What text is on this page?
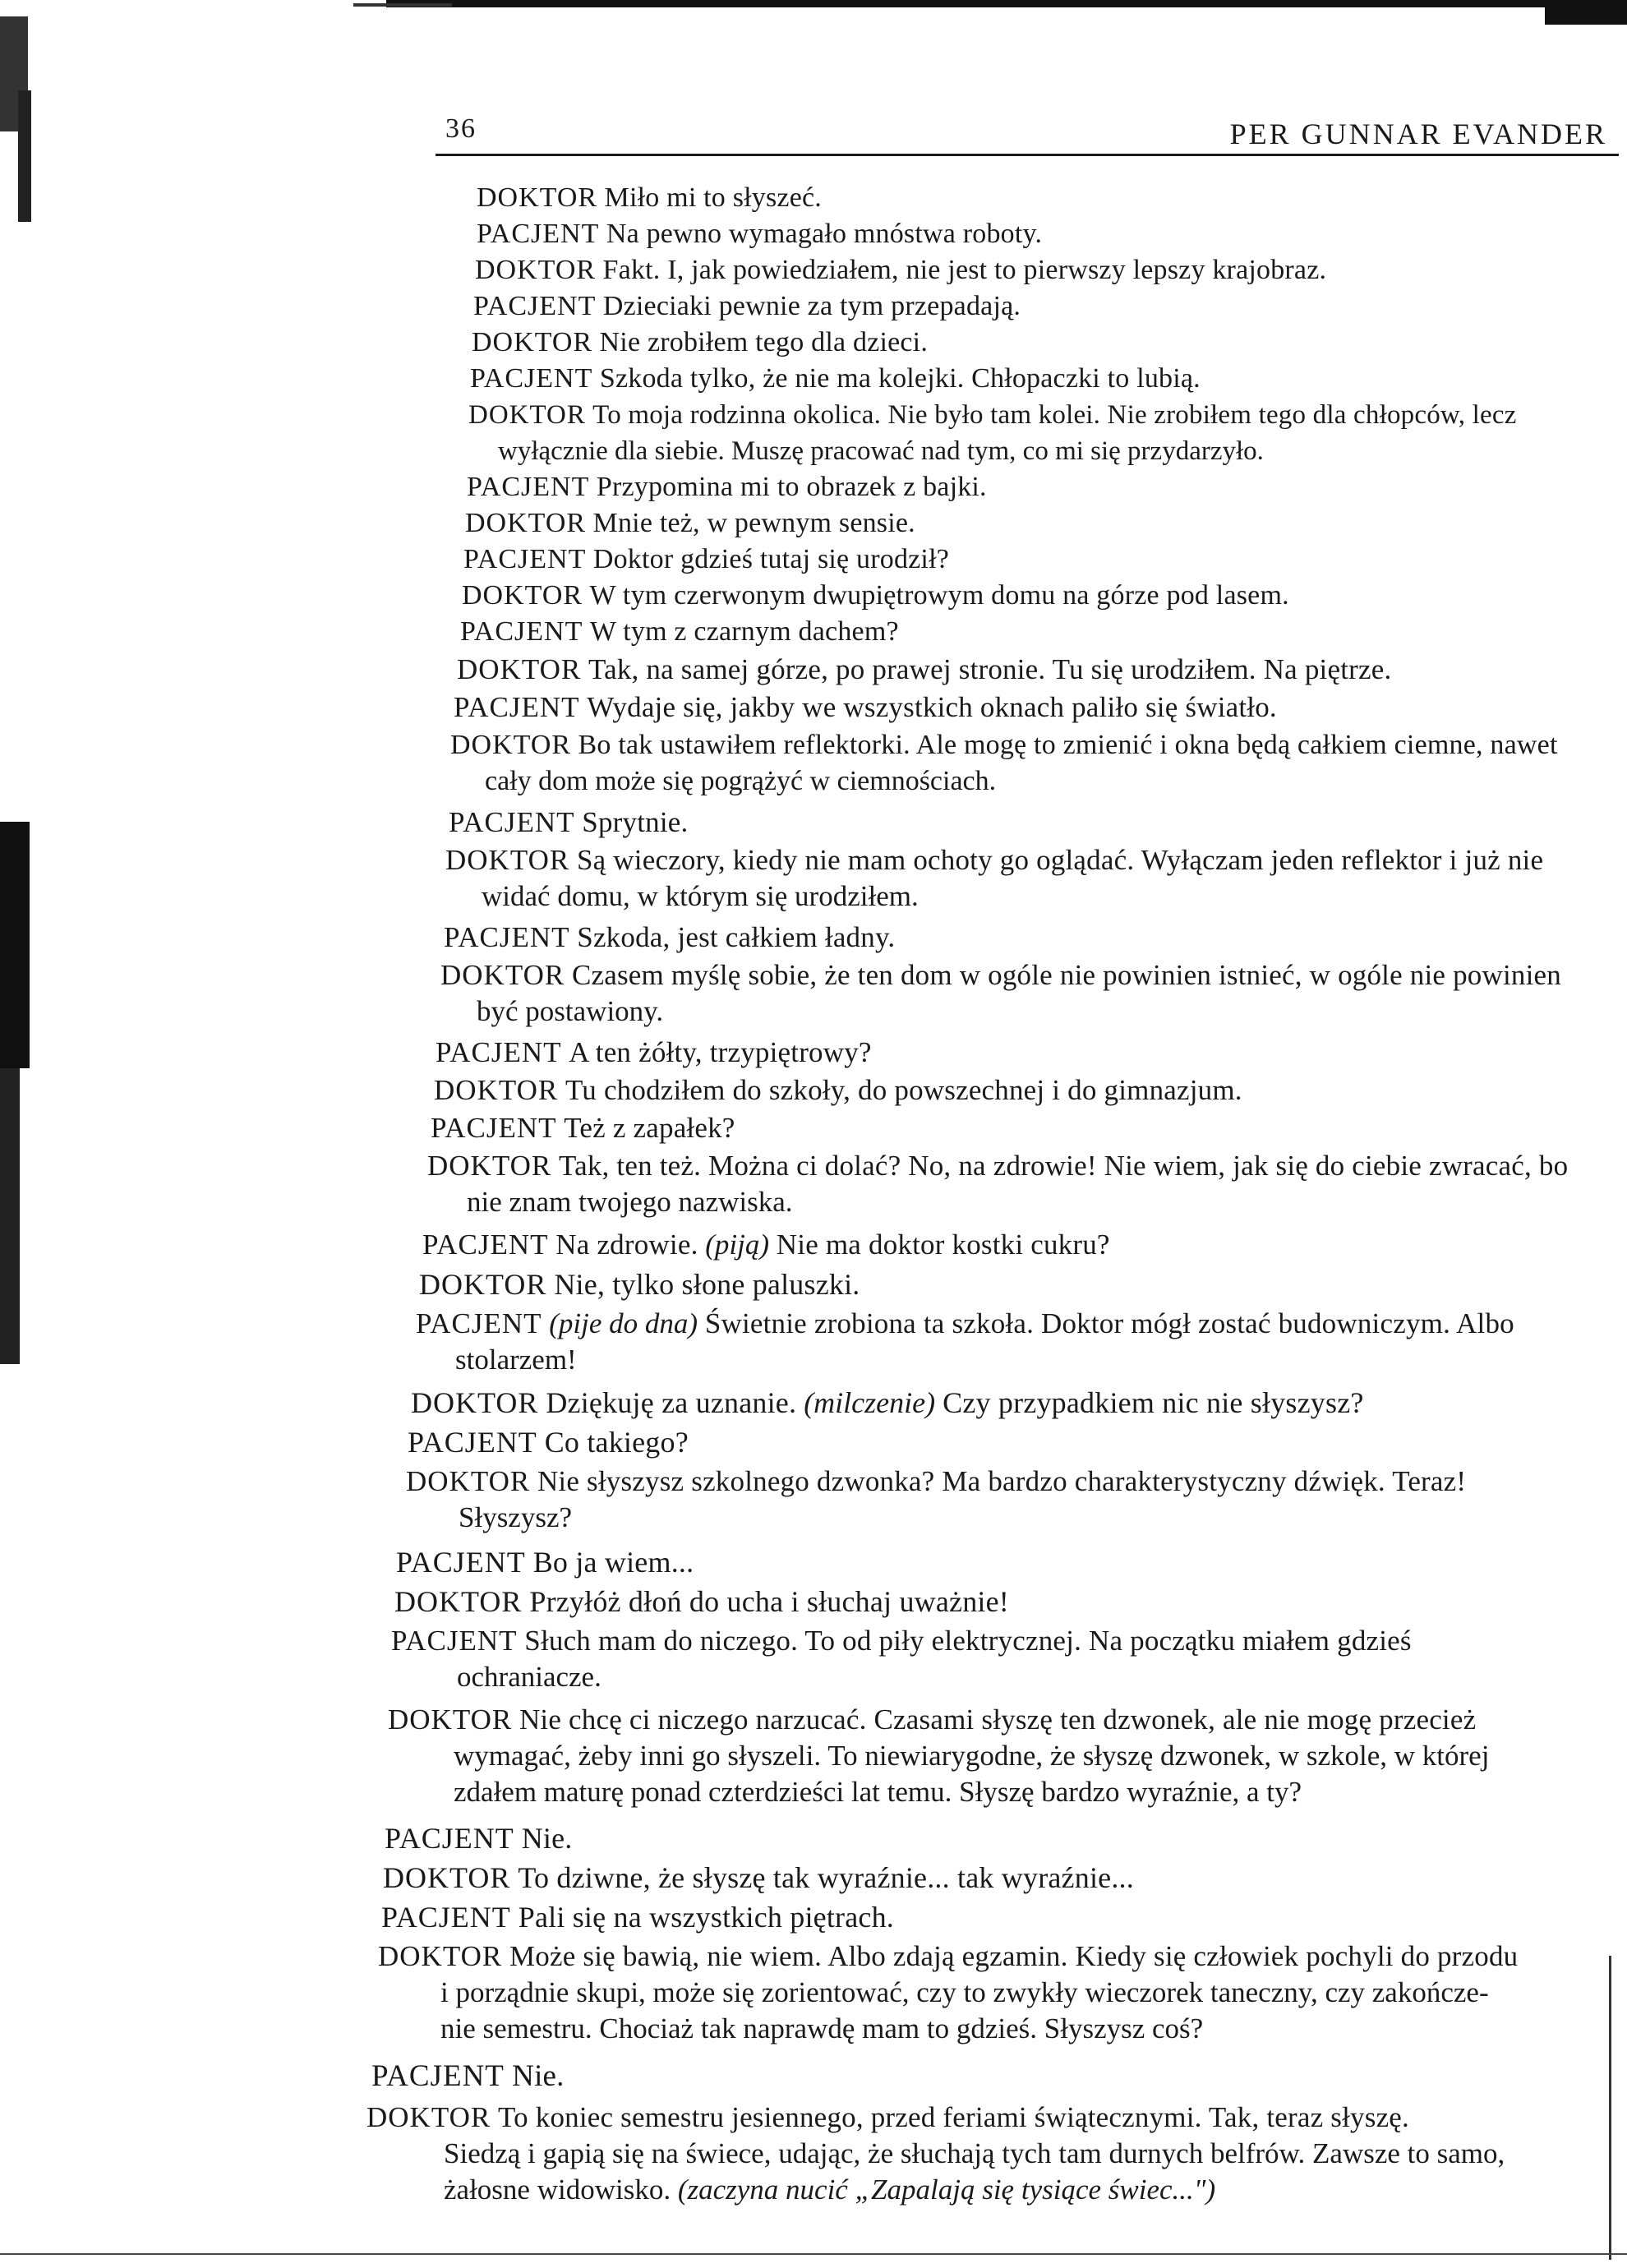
36	PER GUNNAR EVANDER
DOKTOR Miło mi to słyszeć.
PACJENT Na pewno wymagało mnóstwa roboty.
DOKTOR Fakt. I, jak powiedziałem, nie jest to pierwszy lepszy krajobraz.
PACJENT Dzieciaki pewnie za tym przepadają.
DOKTOR Nie zrobiłem tego dla dzieci.
PACJENT Szkoda tylko, że nie ma kolejki. Chłopaczki to lubią.
DOKTOR To moja rodzinna okolica. Nie było tam kolei. Nie zrobiłem tego dla chłopców, lecz
wyłącznie dla siebie. Muszę pracować nad tym, co mi się przydarzyło.
PACJENT Przypomina mi to obrazek z bajki.
DOKTOR Mnie też, w pewnym sensie.
PACJENT Doktor gdzieś tutaj się urodził?
DOKTOR W tym czerwonym dwupiętrowym domu na górze pod lasem.
PACJENT W tym z czarnym dachem?
DOKTOR Tak, na samej górze, po prawej stronie. Tu się urodziłem. Na piętrze.
PACJENT Wydaje się, jakby we wszystkich oknach paliło się światło.
DOKTOR Bo tak ustawiłem reflektorki. Ale mogę to zmienić i okna będą całkiem ciemne, nawet
cały dom może się pogrążyć w ciemnościach.
PACJENT Sprytnie.
DOKTOR Są wieczory, kiedy nie mam ochoty go oglądać. Wyłączam jeden reflektor i już nie
widać domu, w którym się urodziłem.
PACJENT Szkoda, jest całkiem ładny.
DOKTOR Czasem myślę sobie, że ten dom w ogóle nie powinien istnieć, w ogóle nie powinien
być postawiony.
PACJENT A ten żółty, trzypiętrowy?
DOKTOR Tu chodziłem do szkoły, do powszechnej i do gimnazjum.
PACJENT Też z zapałek?
DOKTOR Tak, ten też. Można ci dolać? No, na zdrowie! Nie wiem, jak się do ciebie zwracać, bo
nie znam twojego nazwiska.
PACJENT Na zdrowie. (piją) Nie ma doktor kostki cukru?
DOKTOR Nie, tylko słone paluszki.
PACJENT (pije do dna) Świetnie zrobiona ta szkoła. Doktor mógł zostać budowniczym. Albo
stolarzem!
DOKTOR Dziękuję za uznanie. (milczenie) Czy przypadkiem nic nie słyszysz?
PACJENT Co takiego?
DOKTOR Nie słyszysz szkolnego dzwonka? Ma bardzo charakterystyczny dźwięk. Teraz!
Słyszysz?
PACJENT Bo ja wiem...
DOKTOR Przyłóż dłoń do ucha i słuchaj uważnie!
PACJENT Słuch mam do niczego. To od piły elektrycznej. Na początku miałem gdzieś
ochraniacze.
DOKTOR Nie chcę ci niczego narzucać. Czasami słyszę ten dzwonek, ale nie mogę przecież
wymagać, żeby inni go słyszeli. To niewiarygodne, że słyszę dzwonek, w szkole, w której
zdałem maturę ponad czterdzieści lat temu. Słyszę bardzo wyraźnie, a ty?
PACJENT Nie.
DOKTOR To dziwne, że słyszę tak wyraźnie... tak wyraźnie...
PACJENT Pali się na wszystkich piętrach.
DOKTOR Może się bawią, nie wiem. Albo zdają egzamin. Kiedy się człowiek pochyli do przodu
i porządnie skupi, może się zorientować, czy to zwykły wieczorek taneczny, czy zakończe-
nie semestru. Chociaż tak naprawdę mam to gdzieś. Słyszysz coś?
PACJENT Nie.
DOKTOR To koniec semestru jesiennego, przed feriami świątecznymi. Tak, teraz słyszę.
Siedzą i gapią się na świece, udając, że słuchają tych tam durnych belfrów. Zawsze to samo,
żałosne widowisko. (zaczyna nucić „Zapalają się tysiące świec...")
